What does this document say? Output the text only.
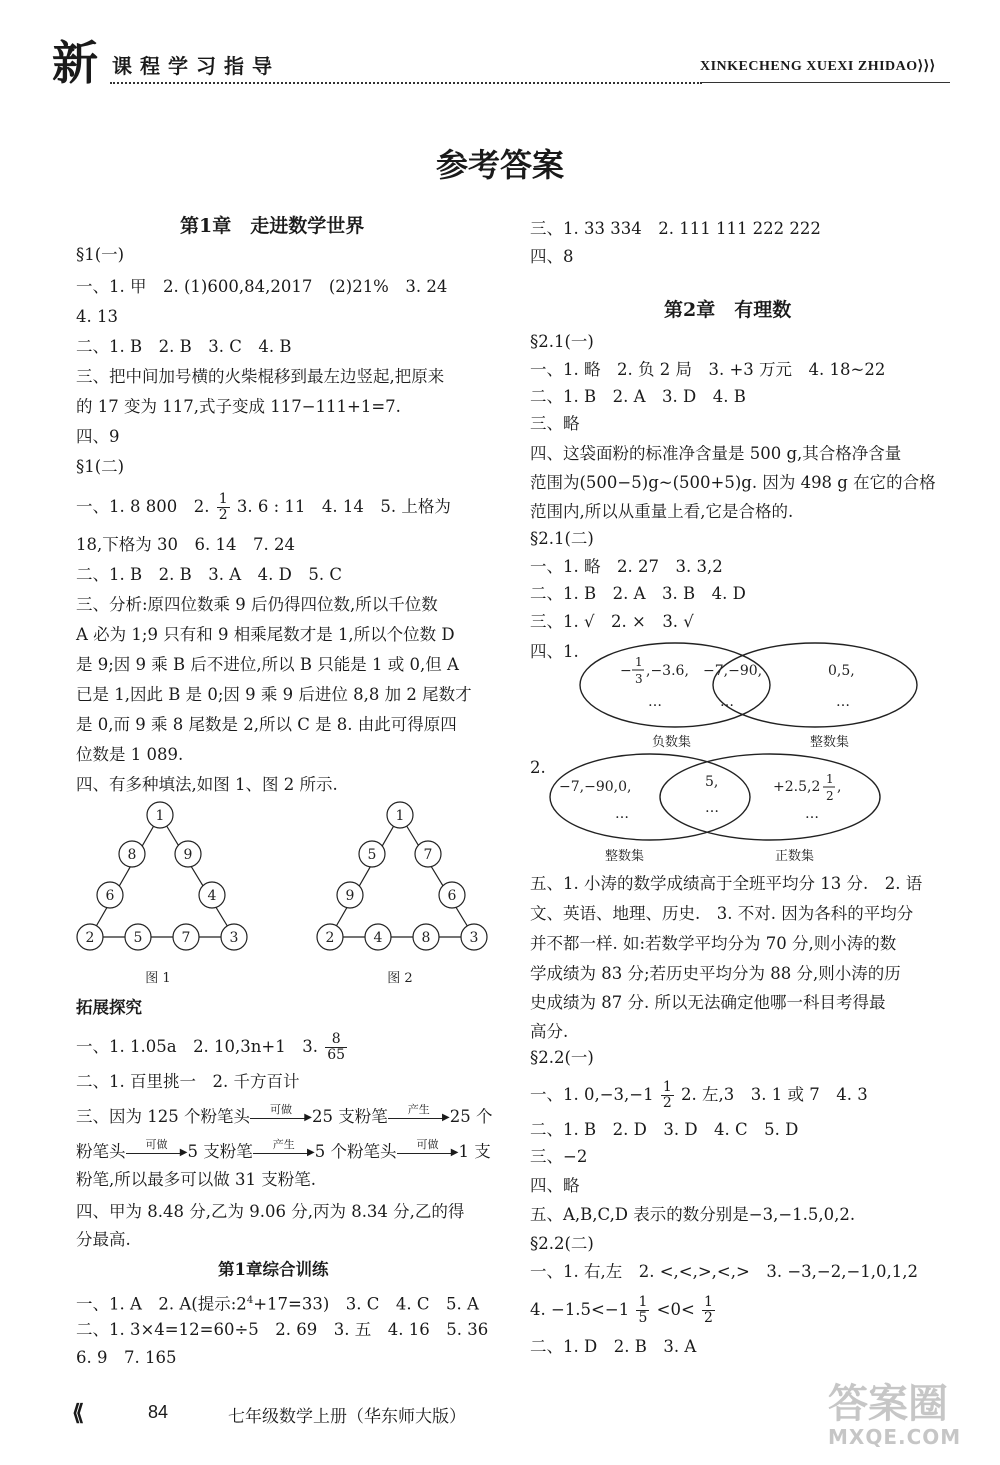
新 课程学习指导	XINKECHENG XUEXI ZHIDAO⟩⟩⟩
参考答案
第1章　走进数学世界
§1(一)
一、1. 甲　2. (1)600,84,2017　(2)21%　3. 24
4. 13
二、1. B　2. B　3. C　4. B
三、把中间加号横的火柴棍移到最左边竖起,把原来
的 17 变为 117,式子变成 117−111+1=7.
四、9
§1(二)
一、1. 8 800　2. $\frac{1}{2} 3$. 6 : 11　4. 14　5. 上格为
18,下格为 30　6. 14　7. 24
二、1. B　2. B　3. A　4. D　5. C
三、分析:原四位数乘 9 后仍得四位数,所以千位数
A 必为 1;9 只有和 9 相乘尾数才是 1,所以个位数 D
是 9;因 9 乘 B 后不进位,所以 B 只能是 1 或 0,但 A
已是 1,因此 B 是 0;因 9 乘 9 后进位 8,8 加 2 尾数才
是 0,而 9 乘 8 尾数是 2,所以 C 是 8. 由此可得原四
位数是 1 089.
四、有多种填法,如图 1、图 2 所示.
1
8	9
6	4
2	5	7	3
图 1
1
5	7
9	6
2	4	8	3
图 2
拓展探究
一、1. 1.05a　2. 10,3n+1　3. $\frac{8}{65}$
二、1. 百里挑一　2. 千方百计
三、因为 125 个粉笔头	可做
▶ 25 支粉笔	产生
▶ 25 个
粉笔头	可做
▶ 5 支粉笔	产生
▶ 5 个粉笔头	可做
▶ 1 支
粉笔,所以最多可以做 31 支粉笔.
四、甲为 8.48 分,乙为 9.06 分,丙为 8.34 分,乙的得
分最高.
第1章综合训练
一、1. A　2. A(提示$:2^4+17=33$)　3. C　4. C　5. A
二、1. 3×4=12=60÷5　2. 69　3. 五　4. 16　5. 36
6. 9　7. 165
三、1. 33 334　2. 111 111 222 222
四、8
第2章　有理数
§2.1(一)
一、1. 略　2. 负 2 局　3. +3 万元　4. 18~22
二、1. B　2. A　3. D　4. B
三、略
四、这袋面粉的标准净含量是 500 g,其合格净含量
范围为(500−5)g~(500+5)g. 因为 498 g 在它的合格
范围内,所以从重量上看,它是合格的.
§2.1(二)
一、1. 略　2. 27　3. 3,2
二、1. B　2. A　3. B　4. D
三、1. √　2. ×　3. √
四、1.
−
1
3 ,−3.6,
…
−7,−90,
…
0,5,
…
负数集	整数集
2.
−7,−90,0,
…
5,
…
+2.5,2 1
2
,
…
整数集	正数集
五、1. 小涛的数学成绩高于全班平均分 13 分.　2. 语
文、英语、地理、历史.　3. 不对. 因为各科的平均分
并不都一样. 如:若数学平均分为 70 分,则小涛的数
学成绩为 83 分;若历史平均分为 88 分,则小涛的历
史成绩为 87 分. 所以无法确定他哪一科目考得最
高分.
§2.2(一)
一、1. $0,-3,-1 \frac{1}{2} 2$. 左,3　3. 1 或 7　4. 3
二、1. B　2. D　3. D　4. C　5. D
三、−2
四、略
五、A,B,C,D 表示的数分别是−3,−1.5,0,2.
§2.2(二)
一、1. 右,左　2. <,<,>,<,>　3. −3,−2,−1,0,1,2
4. $-1.5<-1 \frac{1}{5} <0< \frac{1}{2}$
二、1. D　2. B　3. A
⟪	84	七年级数学上册（华东师大版）	答案圈
MXQE.COM
